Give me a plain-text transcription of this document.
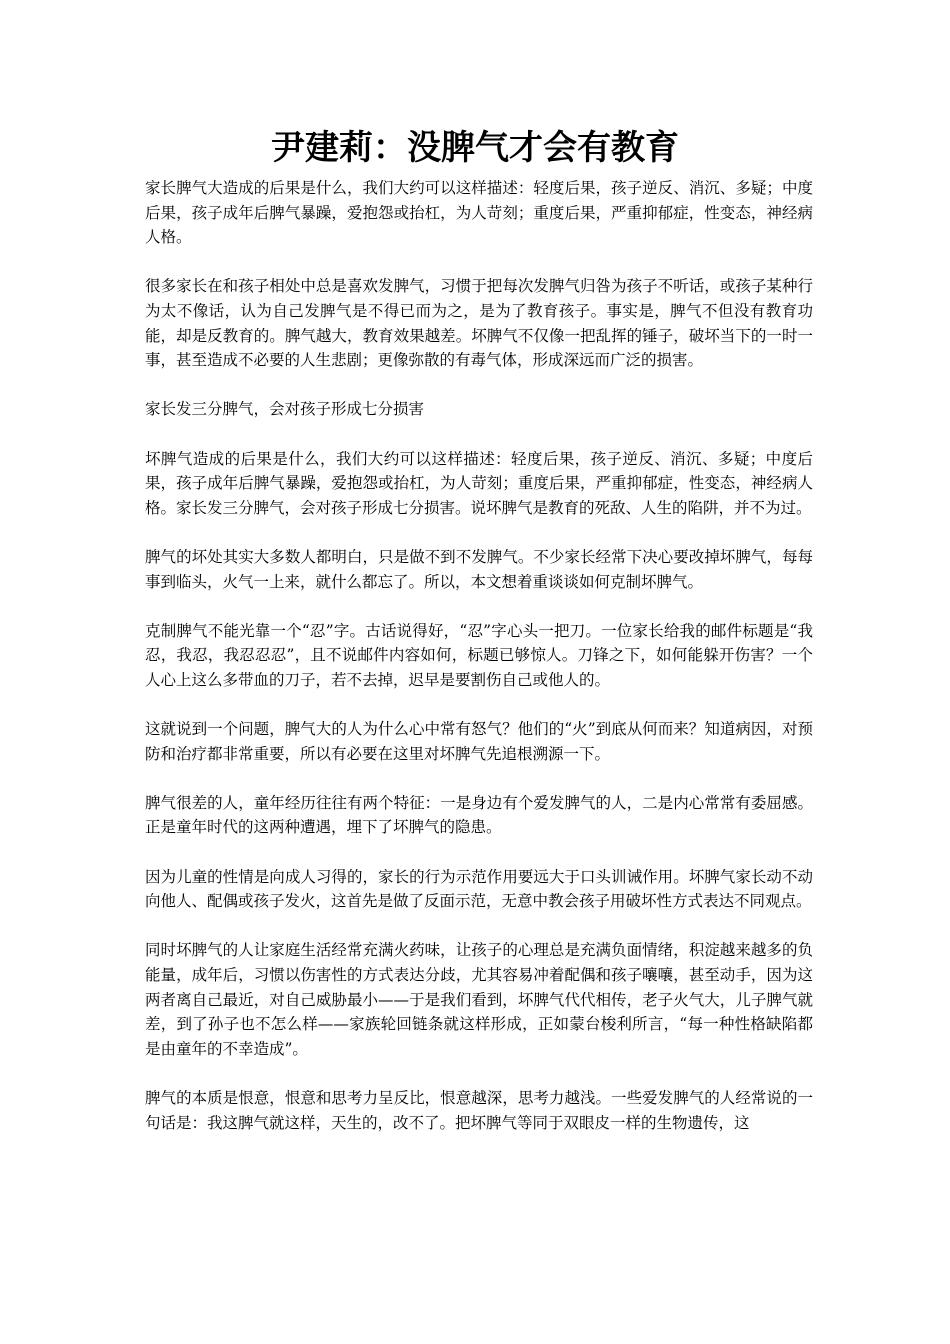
尹建莉：没脾气才会有教育

家长脾气大造成的后果是什么，我们大约可以这样描述：轻度后果，孩子逆反、消沉、多疑；中度后果，孩子成年后脾气暴躁，爱抱怨或抬杠，为人苛刻；重度后果，严重抑郁症，性变态，神经病人格。

很多家长在和孩子相处中总是喜欢发脾气，习惯于把每次发脾气归咎为孩子不听话，或孩子某种行为太不像话，认为自己发脾气是不得已而为之，是为了教育孩子。事实是，脾气不但没有教育功能，却是反教育的。脾气越大，教育效果越差。坏脾气不仅像一把乱挥的锤子，破坏当下的一时一事，甚至造成不必要的人生悲剧；更像弥散的有毒气体，形成深远而广泛的损害。

家长发三分脾气，会对孩子形成七分损害

坏脾气造成的后果是什么，我们大约可以这样描述：轻度后果，孩子逆反、消沉、多疑；中度后果，孩子成年后脾气暴躁，爱抱怨或抬杠，为人苛刻；重度后果，严重抑郁症，性变态，神经病人格。家长发三分脾气，会对孩子形成七分损害。说坏脾气是教育的死敌、人生的陷阱，并不为过。

脾气的坏处其实大多数人都明白，只是做不到不发脾气。不少家长经常下决心要改掉坏脾气，每每事到临头，火气一上来，就什么都忘了。所以，本文想着重谈谈如何克制坏脾气。

克制脾气不能光靠一个“忍”字。古话说得好，“忍”字心头一把刀。一位家长给我的邮件标题是“我忍，我忍，我忍忍忍”，且不说邮件内容如何，标题已够惊人。刀锋之下，如何能躲开伤害？一个人心上这么多带血的刀子，若不去掉，迟早是要割伤自己或他人的。

这就说到一个问题，脾气大的人为什么心中常有怒气？他们的“火”到底从何而来？知道病因，对预防和治疗都非常重要，所以有必要在这里对坏脾气先追根溯源一下。

脾气很差的人，童年经历往往有两个特征：一是身边有个爱发脾气的人，二是内心常常有委屈感。正是童年时代的这两种遭遇，埋下了坏脾气的隐患。

因为儿童的性情是向成人习得的，家长的行为示范作用要远大于口头训诫作用。坏脾气家长动不动向他人、配偶或孩子发火，这首先是做了反面示范，无意中教会孩子用破坏性方式表达不同观点。

同时坏脾气的人让家庭生活经常充满火药味，让孩子的心理总是充满负面情绪，积淀越来越多的负能量，成年后，习惯以伤害性的方式表达分歧，尤其容易冲着配偶和孩子嚷嚷，甚至动手，因为这两者离自己最近，对自己威胁最小——于是我们看到，坏脾气代代相传，老子火气大，儿子脾气就差，到了孙子也不怎么样——家族轮回链条就这样形成，正如蒙台梭利所言，“每一种性格缺陷都是由童年的不幸造成”。

脾气的本质是恨意，恨意和思考力呈反比，恨意越深，思考力越浅。一些爱发脾气的人经常说的一句话是：我这脾气就这样，天生的，改不了。把坏脾气等同于双眼皮一样的生物遗传，这
